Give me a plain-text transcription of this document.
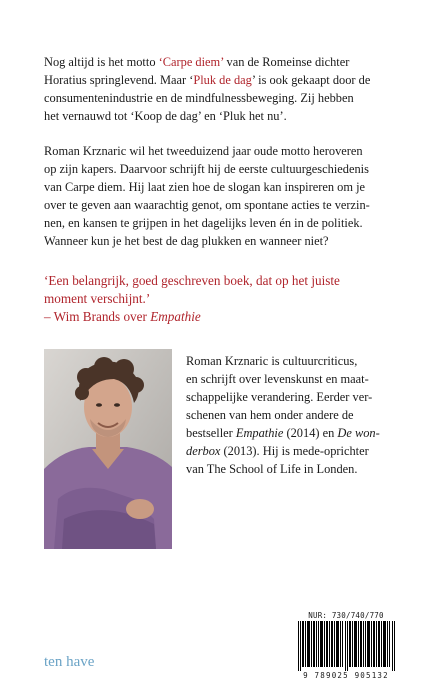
Nog altijd is het motto ‘Carpe diem’ van de Romeinse dichter
Horatius springlevend. Maar ‘Pluk de dag’ is ook gekaapt door de
consumentenindustrie en de mindfulnessbeweging. Zij hebben
het vernauwd tot ‘Koop de dag’ en ‘Pluk het nu’.
Roman Krznaric wil het tweeduizend jaar oude motto heroveren
op zijn kapers. Daarvoor schrijft hij de eerste cultuurgeschiedenis
van Carpe diem. Hij laat zien hoe de slogan kan inspireren om je
over te geven aan waarachtig genot, om spontane acties te verzin-
nen, en kansen te grijpen in het dagelijks leven én in de politiek.
Wanneer kun je het best de dag plukken en wanneer niet?
‘Een belangrijk, goed geschreven boek, dat op het juiste
moment verschijnt.’
– Wim Brands over Empathie
Roman Krznaric is cultuurcriticus,
en schrijft over levenskunst en maat-
schappelijke verandering. Eerder ver-
schenen van hem onder andere de
bestseller Empathie (2014) en De won-
derbox (2013). Hij is mede-oprichter
van The School of Life in Londen.
ten have
NUR: 730/740/770
9 789025 905132
